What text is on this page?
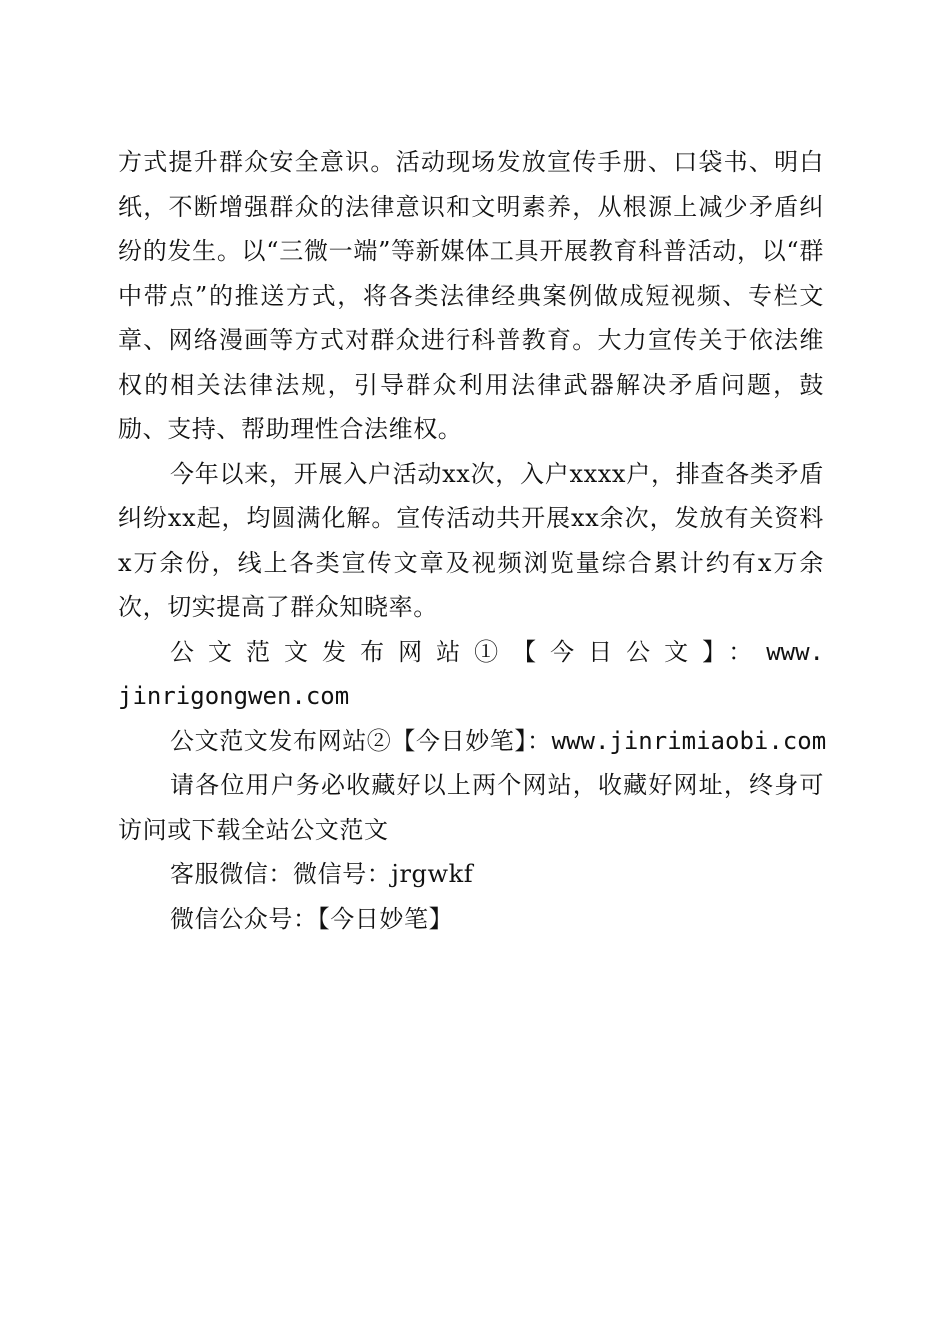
方式提升群众安全意识。活动现场发放宣传手册、口袋书、明白纸，不断增强群众的法律意识和文明素养，从根源上减少矛盾纠纷的发生。以“三微一端”等新媒体工具开展教育科普活动，以“群中带点”的推送方式，将各类法律经典案例做成短视频、专栏文章、网络漫画等方式对群众进行科普教育。大力宣传关于依法维权的相关法律法规，引导群众利用法律武器解决矛盾问题，鼓励、支持、帮助理性合法维权。

今年以来，开展入户活动xx次，入户xxxx户，排查各类矛盾纠纷xx起，均圆满化解。宣传活动共开展xx余次，发放有关资料x万余份，线上各类宣传文章及视频浏览量综合累计约有x万余次，切实提高了群众知晓率。

公文范文发布网站①【今日公文】：www.jinrigongwen.com

公文范文发布网站②【今日妙笔】：www.jinrimiaobi.com

请各位用户务必收藏好以上两个网站，收藏好网址，终身可访问或下载全站公文范文

客服微信：微信号：jrgwkf

微信公众号：【今日妙笔】
